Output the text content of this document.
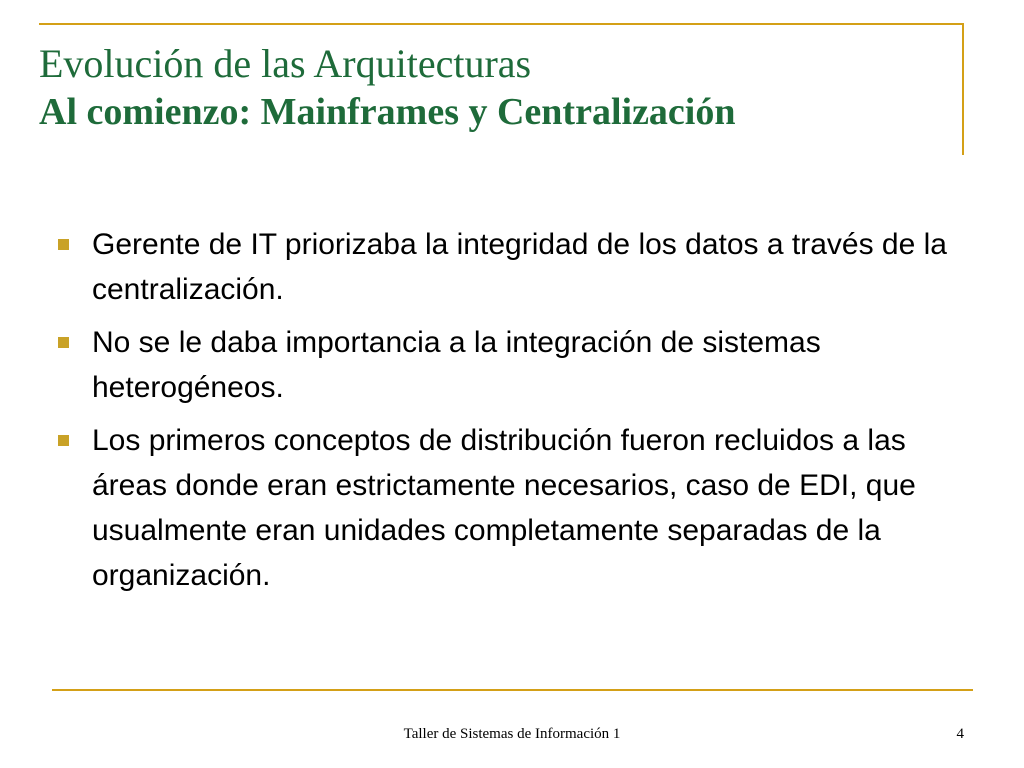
Evolución de las Arquitecturas
Al comienzo: Mainframes y Centralización
Gerente de IT priorizaba la integridad de los datos a través de la centralización.
No se le daba importancia a la integración de sistemas heterogéneos.
Los primeros conceptos de distribución fueron recluidos a las áreas donde eran estrictamente necesarios, caso de EDI, que usualmente eran unidades completamente separadas de la organización.
Taller de Sistemas de Información 1	4
